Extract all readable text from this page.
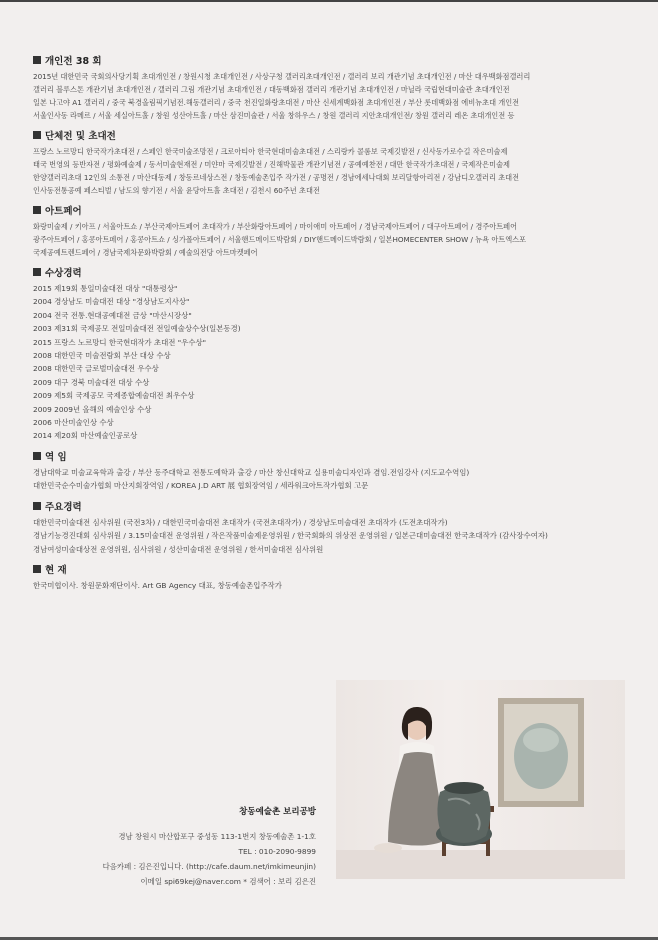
개인전 38 회
2015년 대한민국 국회의사당기획 초대개인전 / 창원시청 초대개인전 / 사상구청 갤러리초대개인전 / 갤러리 보리 개관기념 초대개인전 / 마산 대우백화점갤러리
갤러리 블루스톤 개관기념 초대개인전 / 갤러리 그림 개관기념 초대개인전 / 대동백화점 갤러리 개관기념 초대개인전 / 마닐라 국립현대미술관 초대개인전
일본 나고야 A1 갤러리 / 중국 북경올림픽기념전.해동갤러리 / 중국 천진일화랑초대전 / 마산 신세계백화점 초대개인전 / 부산 롯데백화점 에비뉴초대 개인전
서울인사동 라메르 / 서울 세실아트홀 / 창원 성산아트홀 / 마산 삼진미술관 / 서울 창하우스 / 창원 갤러리 지안초대개인전/ 창원 갤러리 레온 초대개인전 등
단체전 및 초대전
프랑스 노르망디 한국작가초대전 / 스페인 한국미술조망전 / 크로아티아 한국현대미술초대전 / 스리랑카 콜롬보 국제깃발전 / 신사동가로수길 작은미술제
태국 번영의 등반자전 / 평화예술제 / 동서미술현재전 / 미얀마 국제깃발전 / 진해박물관 개관기념전 / 공예예찬전 / 대만 한국작가초대전 / 국제작은미술제
한양갤러리초대 12인의 소통전 / 마산대동제 / 창동르네상스전 / 창동예술촌입주 작가전 / 공명전 / 경남에세나대회 보리달항아리전 / 강남디오갤러리 초대전
인사동전통공예 페스티벌 / 남도의 향기전 / 서울 윤당아트홀 초대전 / 김천시 60주년 초대전
아트페어
화랑미술제 / 키아프 / 서울아트쇼 / 부산국제아트페어 초대작가 / 부산화랑아트페어 / 마이애미 아트페어 / 경남국제아트페어 / 대구아트페어 / 경주아트페어
광주아트페어 / 홍콩아트페어 / 홍콩아트쇼 / 싱가폴아트페어 / 서울핸드메이드박람회 / DIY핸드메이드박람회 / 일본HOMECENTER SHOW / 뉴욕 아트엑스포
국제공예트렌드페어 / 경남국제차문화박람회 / 예술의전당 아트마켓페어
수상경력
2015 제19회 통일미술대전 대상 "대통령상"
2004 경상남도 미술대전 대상 "경상남도지사상"
2004 전국 전통.현대공예대전 금상 "마산시장상"
2003 제31회 국제공모 전일미술대전 전일예술상수상(일본동경)
2015 프랑스 노르망디 한국현대작가 초대전 "우수상"
2008 대한민국 미술전람회 부산 대상 수상
2008 대한민국 글로벌미술대전 우수상
2009 대구 경북 미술대전 대상 수상
2009 제5회 국제공모 국제종합예술대전 최우수상
2009 2009년 올해의 예술인상 수상
2006 마산미술인상 수상
2014 제20회 마산예술인공로상
역 임
경남대학교 미술교육학과 출강 / 부산 동주대학교 전통도예학과 출강 / 마산 창신대학교 실용미술디자인과 겸임.전임강사 (지도교수역임)
대한민국순수미술가협회 마산지회장역임 / KOREA J.D ART 展 협회장역임 / 세라워크아트작가협회 고문
주요경력
대한민국미술대전 심사위원 (국전3차) / 대한민국미술대전 초대작가 (국전초대작가) / 경상남도미술대전 초대작가 (도전초대작가)
경남기능경진대회 심사위원 / 3.15미술대전 운영위원 / 작은작품미술제운영위원 / 한국회화의 위상전 운영위원 / 일본근대미술대전 한국초대작가 (감사장수여자)
경남여성미술대상전 운영위원, 심사위원 / 성산미술대전 운영위원 / 한서미술대전 심사위원
현 재
한국미협이사. 창원문화재단이사. Art GB Agency 대표, 창동예술촌입주작가
창동예술촌 보리공방
경남 창원시 마산합포구 중성동 113-1번지 창동예술촌 1-1호
TEL : 010-2090-9899
다음카페 : 김은진입니다. (http://cafe.daum.net/imkimeunjin)
이메일 spi69kej@naver.com * 검색어 : 보리 김은진
